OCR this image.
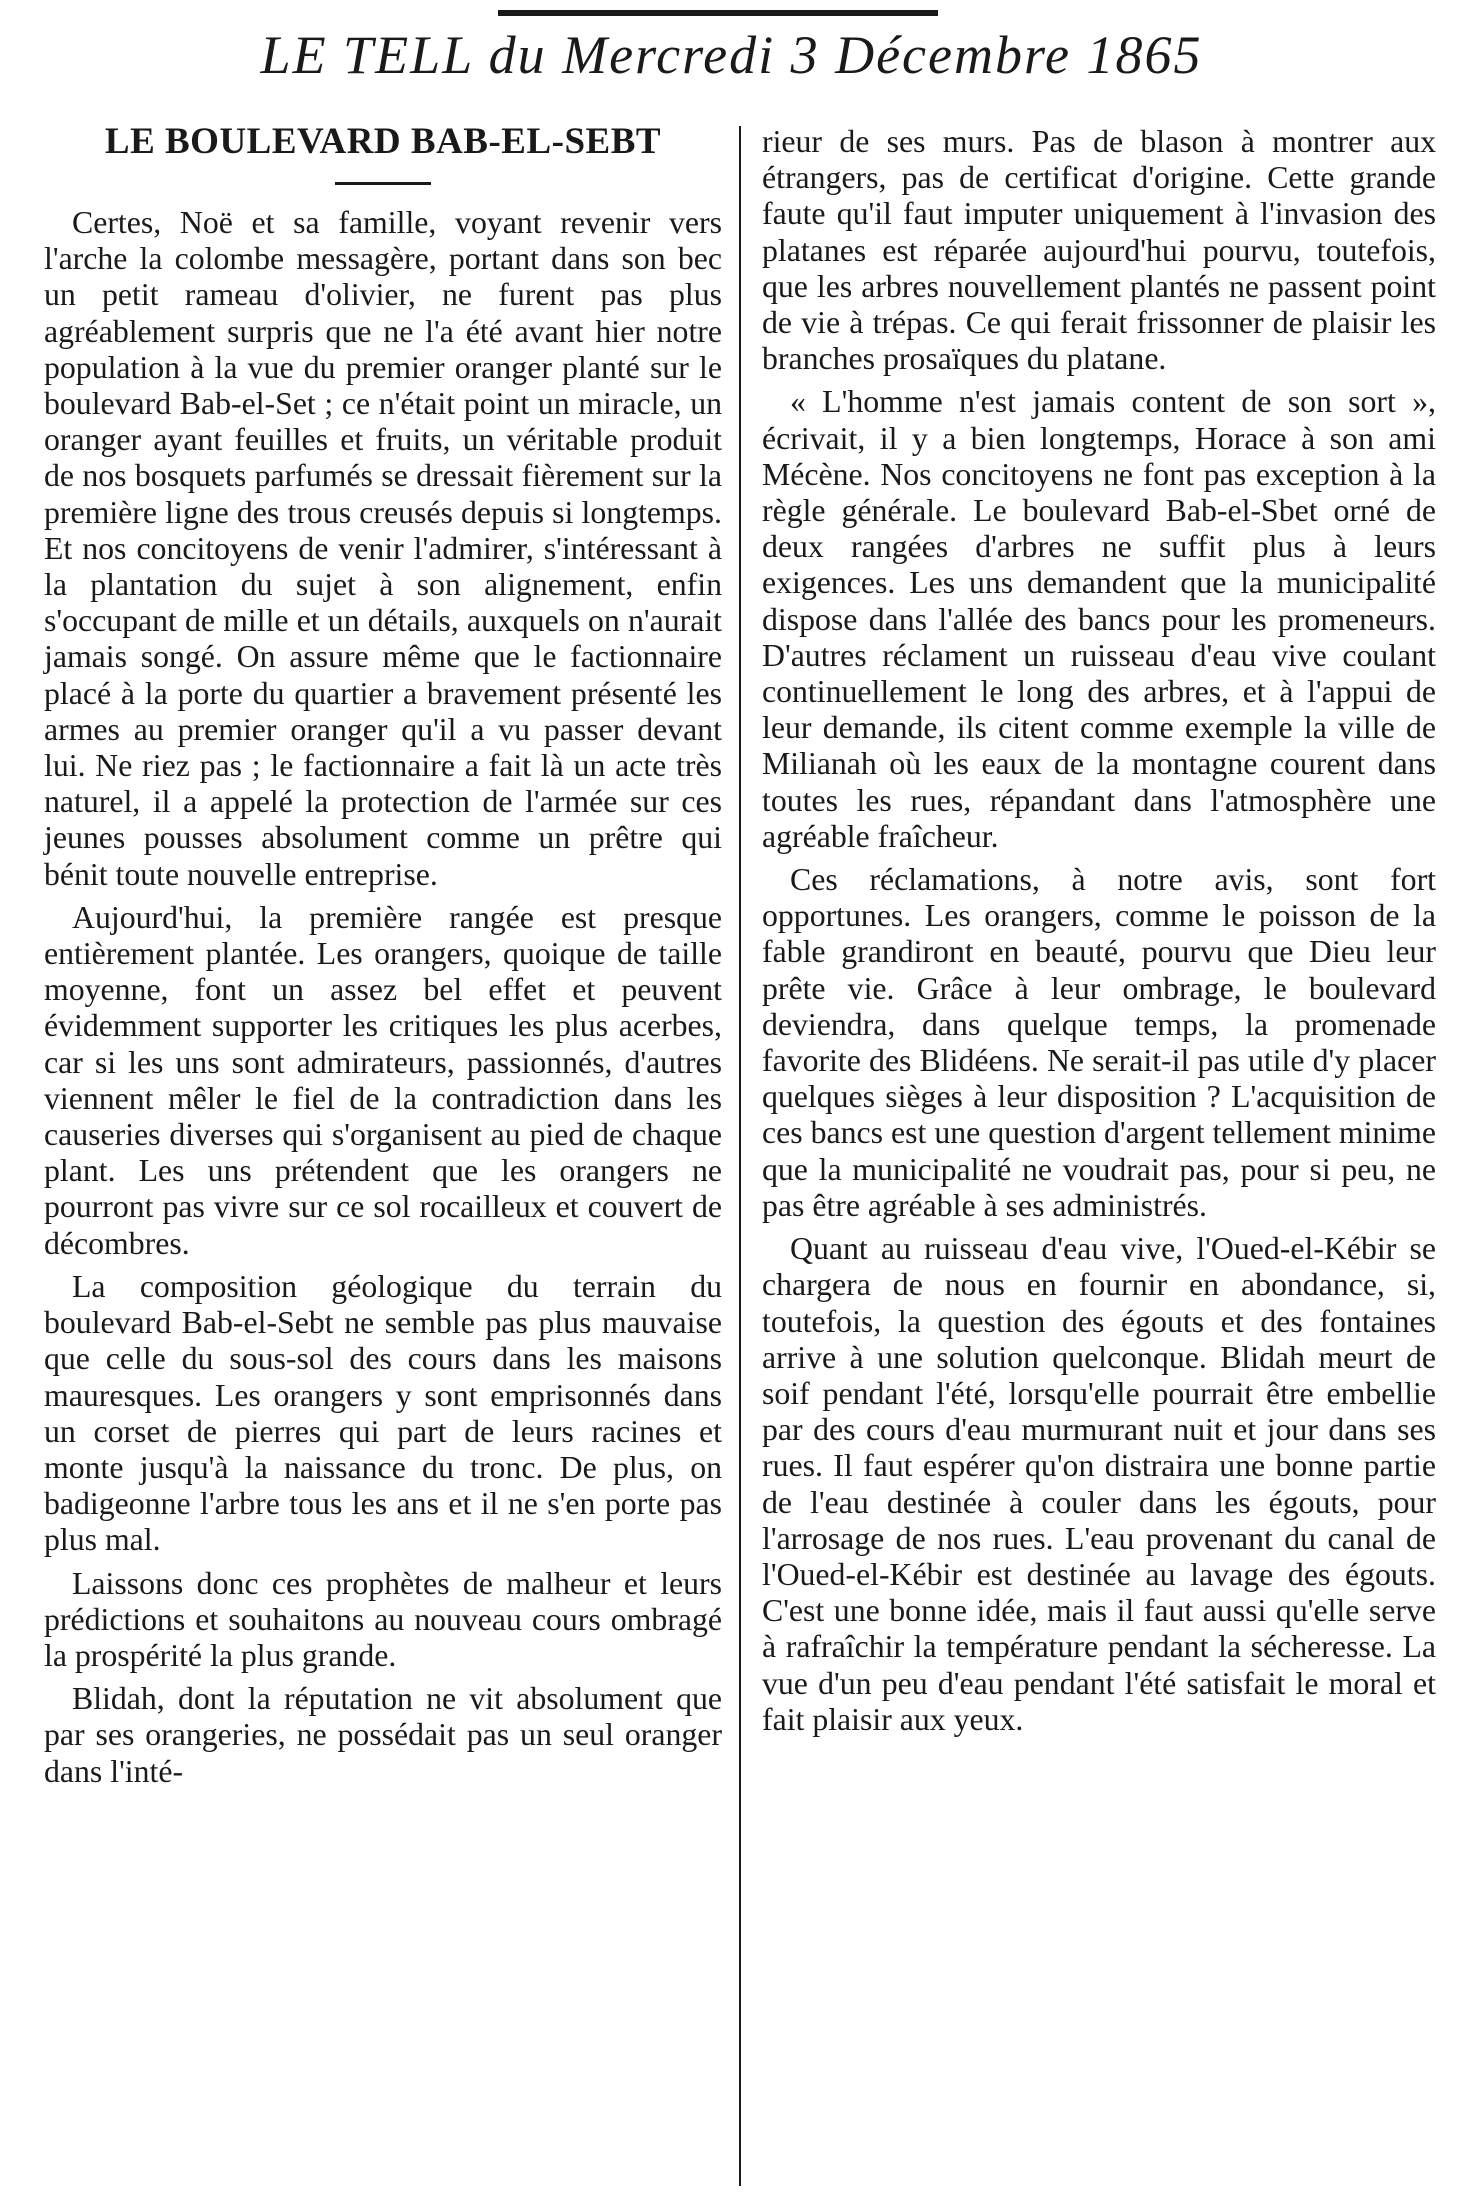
LE TELL du Mercredi 3 Décembre 1865
LE BOULEVARD BAB-EL-SEBT

Certes, Noë et sa famille, voyant revenir vers l'arche la colombe messagère, portant dans son bec un petit rameau d'olivier, ne furent pas plus agréablement surpris que ne l'a été avant hier notre population à la vue du premier oranger planté sur le boulevard Bab-el-Set ; ce n'était point un miracle, un oranger ayant feuilles et fruits, un véritable produit de nos bosquets parfumés se dressait fièrement sur la première ligne des trous creusés depuis si longtemps. Et nos concitoyens de venir l'admirer, s'intéressant à la plantation du sujet à son alignement, enfin s'occupant de mille et un détails, auxquels on n'aurait jamais songé. On assure même que le factionnaire placé à la porte du quartier a bravement présenté les armes au premier oranger qu'il a vu passer devant lui. Ne riez pas ; le factionnaire a fait là un acte très naturel, il a appelé la protection de l'armée sur ces jeunes pousses absolument comme un prêtre qui bénit toute nouvelle entreprise.

Aujourd'hui, la première rangée est presque entièrement plantée. Les orangers, quoique de taille moyenne, font un assez bel effet et peuvent évidemment supporter les critiques les plus acerbes, car si les uns sont admirateurs, passionnés, d'autres viennent mêler le fiel de la contradiction dans les causeries diverses qui s'organisent au pied de chaque plant. Les uns prétendent que les orangers ne pourront pas vivre sur ce sol rocailleux et couvert de décombres.

La composition géologique du terrain du boulevard Bab-el-Sebt ne semble pas plus mauvaise que celle du sous-sol des cours dans les maisons mauresques. Les orangers y sont emprisonnés dans un corset de pierres qui part de leurs racines et monte jusqu'à la naissance du tronc. De plus, on badigeonne l'arbre tous les ans et il ne s'en porte pas plus mal.

Laissons donc ces prophètes de malheur et leurs prédictions et souhaitons au nouveau cours ombragé la prospérité la plus grande.

Blidah, dont la réputation ne vit absolument que par ses orangeries, ne possédait pas un seul oranger dans l'inté-

rieur de ses murs. Pas de blason à montrer aux étrangers, pas de certificat d'origine. Cette grande faute qu'il faut imputer uniquement à l'invasion des platanes est réparée aujourd'hui pourvu, toutefois, que les arbres nouvellement plantés ne passent point de vie à trépas. Ce qui ferait frissonner de plaisir les branches prosaïques du platane.

« L'homme n'est jamais content de son sort », écrivait, il y a bien longtemps, Horace à son ami Mécène. Nos concitoyens ne font pas exception à la règle générale. Le boulevard Bab-el-Sbet orné de deux rangées d'arbres ne suffit plus à leurs exigences. Les uns demandent que la municipalité dispose dans l'allée des bancs pour les promeneurs. D'autres réclament un ruisseau d'eau vive coulant continuellement le long des arbres, et à l'appui de leur demande, ils citent comme exemple la ville de Milianah où les eaux de la montagne courent dans toutes les rues, répandant dans l'atmosphère une agréable fraîcheur.

Ces réclamations, à notre avis, sont fort opportunes. Les orangers, comme le poisson de la fable grandiront en beauté, pourvu que Dieu leur prête vie. Grâce à leur ombrage, le boulevard deviendra, dans quelque temps, la promenade favorite des Blidéens. Ne serait-il pas utile d'y placer quelques sièges à leur disposition ? L'acquisition de ces bancs est une question d'argent tellement minime que la municipalité ne voudrait pas, pour si peu, ne pas être agréable à ses administrés.

Quant au ruisseau d'eau vive, l'Oued-el-Kébir se chargera de nous en fournir en abondance, si, toutefois, la question des égouts et des fontaines arrive à une solution quelconque. Blidah meurt de soif pendant l'été, lorsqu'elle pourrait être embellie par des cours d'eau murmurant nuit et jour dans ses rues. Il faut espérer qu'on distraira une bonne partie de l'eau destinée à couler dans les égouts, pour l'arrosage de nos rues. L'eau provenant du canal de l'Oued-el-Kébir est destinée au lavage des égouts. C'est une bonne idée, mais il faut aussi qu'elle serve à rafraîchir la température pendant la sécheresse. La vue d'un peu d'eau pendant l'été satisfait le moral et fait plaisir aux yeux.
